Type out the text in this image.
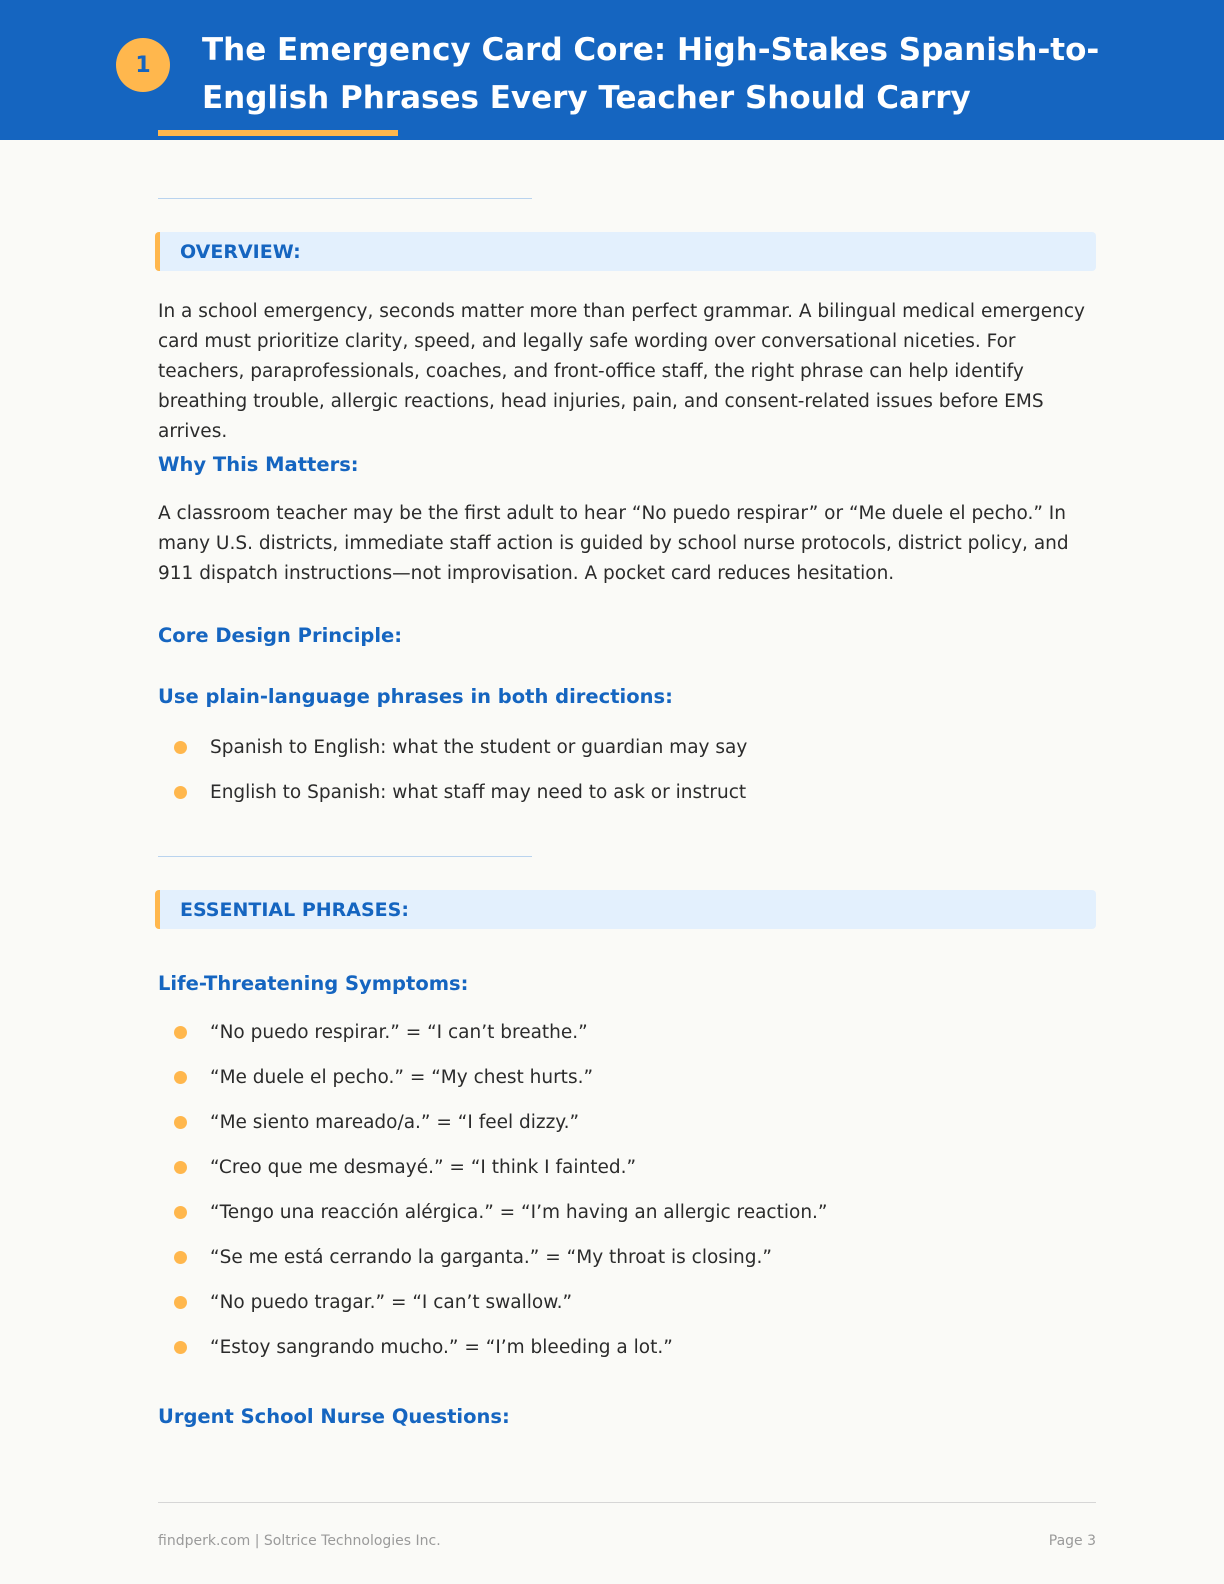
1	The Emergency Card Core: High-Stakes Spanish-to-English Phrases Every Teacher Should Carry
OVERVIEW:

In a school emergency, seconds matter more than perfect grammar. A bilingual medical emergency card must prioritize clarity, speed, and legally safe wording over conversational niceties. For teachers, paraprofessionals, coaches, and front-office staff, the right phrase can help identify breathing trouble, allergic reactions, head injuries, pain, and consent-related issues before EMS arrives.

Why This Matters:

A classroom teacher may be the first adult to hear “No puedo respirar” or “Me duele el pecho.” In many U.S. districts, immediate staff action is guided by school nurse protocols, district policy, and 911 dispatch instructions—not improvisation. A pocket card reduces hesitation.

Core Design Principle:
Use plain-language phrases in both directions:
Spanish to English: what the student or guardian may say
English to Spanish: what staff may need to ask or instruct
ESSENTIAL PHRASES:
Life-Threatening Symptoms:
“No puedo respirar.” = “I can’t breathe.”
“Me duele el pecho.” = “My chest hurts.”
“Me siento mareado/a.” = “I feel dizzy.”
“Creo que me desmayé.” = “I think I fainted.”
“Tengo una reacción alérgica.” = “I’m having an allergic reaction.”
“Se me está cerrando la garganta.” = “My throat is closing.”
“No puedo tragar.” = “I can’t swallow.”
“Estoy sangrando mucho.” = “I’m bleeding a lot.”
Urgent School Nurse Questions:
findperk.com | Soltrice Technologies Inc.	Page 3
